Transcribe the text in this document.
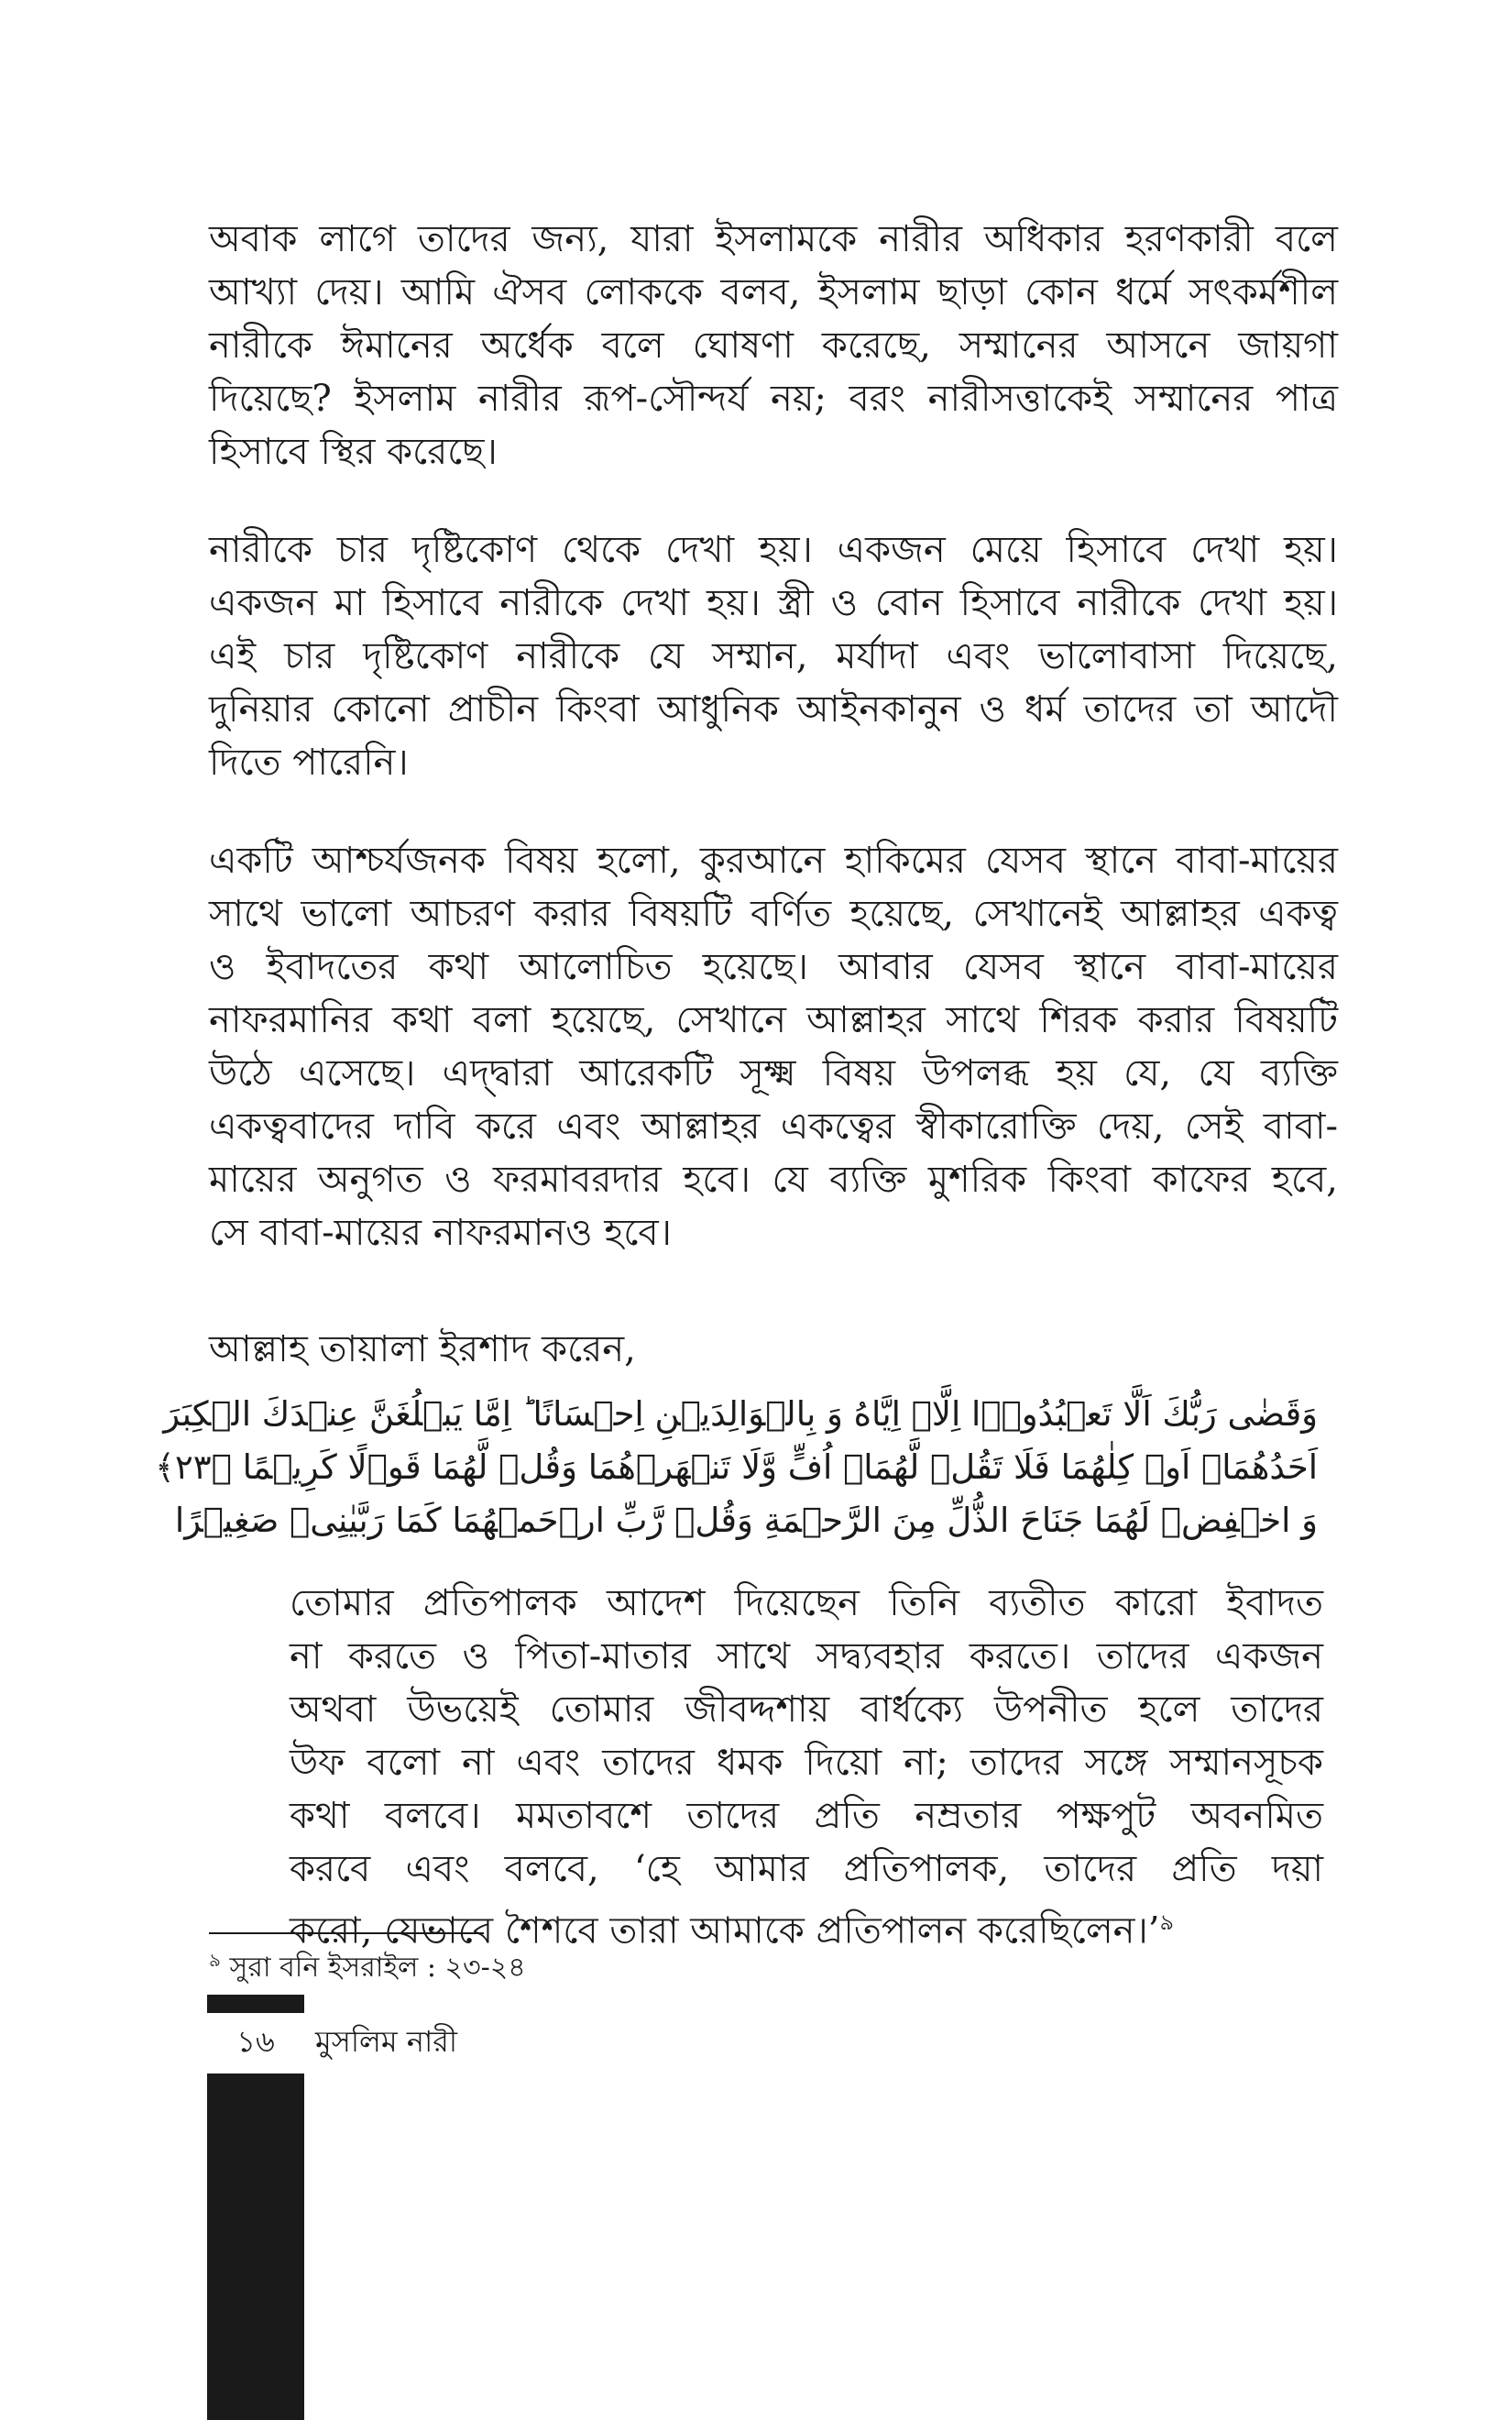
অবাক লাগে তাদের জন্য, যারা ইসলামকে নারীর অধিকার হরণকারী বলে
আখ্যা দেয়। আমি ঐসব লোককে বলব, ইসলাম ছাড়া কোন ধর্মে সৎকর্মশীল
নারীকে ঈমানের অর্ধেক বলে ঘোষণা করেছে, সম্মানের আসনে জায়গা
দিয়েছে? ইসলাম নারীর রূপ-সৌন্দর্য নয়; বরং নারীসত্তাকেই সম্মানের পাত্র
হিসাবে স্থির করেছে।
নারীকে চার দৃষ্টিকোণ থেকে দেখা হয়। একজন মেয়ে হিসাবে দেখা হয়।
একজন মা হিসাবে নারীকে দেখা হয়। স্ত্রী ও বোন হিসাবে নারীকে দেখা হয়।
এই চার দৃষ্টিকোণ নারীকে যে সম্মান, মর্যাদা এবং ভালোবাসা দিয়েছে,
দুনিয়ার কোনো প্রাচীন কিংবা আধুনিক আইনকানুন ও ধর্ম তাদের তা আদৌ
দিতে পারেনি।
একটি আশ্চর্যজনক বিষয় হলো, কুরআনে হাকিমের যেসব স্থানে বাবা-মায়ের
সাথে ভালো আচরণ করার বিষয়টি বর্ণিত হয়েছে, সেখানেই আল্লাহর একত্ব
ও ইবাদতের কথা আলোচিত হয়েছে। আবার যেসব স্থানে বাবা-মায়ের
নাফরমানির কথা বলা হয়েছে, সেখানে আল্লাহর সাথে শিরক করার বিষয়টি
উঠে এসেছে। এদ্দ্বারা আরেকটি সূক্ষ্ম বিষয় উপলব্ধ হয় যে, যে ব্যক্তি
একত্ববাদের দাবি করে এবং আল্লাহর একত্বের স্বীকারোক্তি দেয়, সেই বাবা-
মায়ের অনুগত ও ফরমাবরদার হবে। যে ব্যক্তি মুশরিক কিংবা কাফের হবে,
সে বাবা-মায়ের নাফরমানও হবে।
আল্লাহ তায়ালা ইরশাদ করেন,
وَقَضٰى رَبُّكَ اَلَّا تَعۡبُدُوۡۤا اِلَّاۤ اِيَّاهُ وَ بِالۡوَالِدَيۡنِ اِحۡسَانًا ؕ اِمَّا يَبۡلُغَنَّ عِنۡدَكَ الۡكِبَرَ
اَحَدُهُمَاۤ اَوۡ كِلٰهُمَا فَلَا تَقُلۡ لَّهُمَاۤ اُفٍّ وَّلَا تَنۡهَرۡهُمَا وَقُلۡ لَّهُمَا قَوۡلًا كَرِيۡمًا ﴿۲۳﴾
وَ اخۡفِضۡ لَهُمَا جَنَاحَ الذُّلِّ مِنَ الرَّحۡمَةِ وَقُلۡ رَّبِّ ارۡحَمۡهُمَا كَمَا رَبَّيٰنِىۡ صَغِيۡرًا
তোমার প্রতিপালক আদেশ দিয়েছেন তিনি ব্যতীত কারো ইবাদত
না করতে ও পিতা-মাতার সাথে সদ্ব্যবহার করতে। তাদের একজন
অথবা উভয়েই তোমার জীবদ্দশায় বার্ধক্যে উপনীত হলে তাদের
উফ বলো না এবং তাদের ধমক দিয়ো না; তাদের সঙ্গে সম্মানসূচক
কথা বলবে। মমতাবশে তাদের প্রতি নম্রতার পক্ষপুট অবনমিত
করবে এবং বলবে, ‘হে আমার প্রতিপালক, তাদের প্রতি দয়া
করো, যেভাবে শৈশবে তারা আমাকে প্রতিপালন করেছিলেন।’$^৯$
$^৯$ সুরা বনি ইসরাইল : ২৩-২৪
১৬	মুসলিম নারী
